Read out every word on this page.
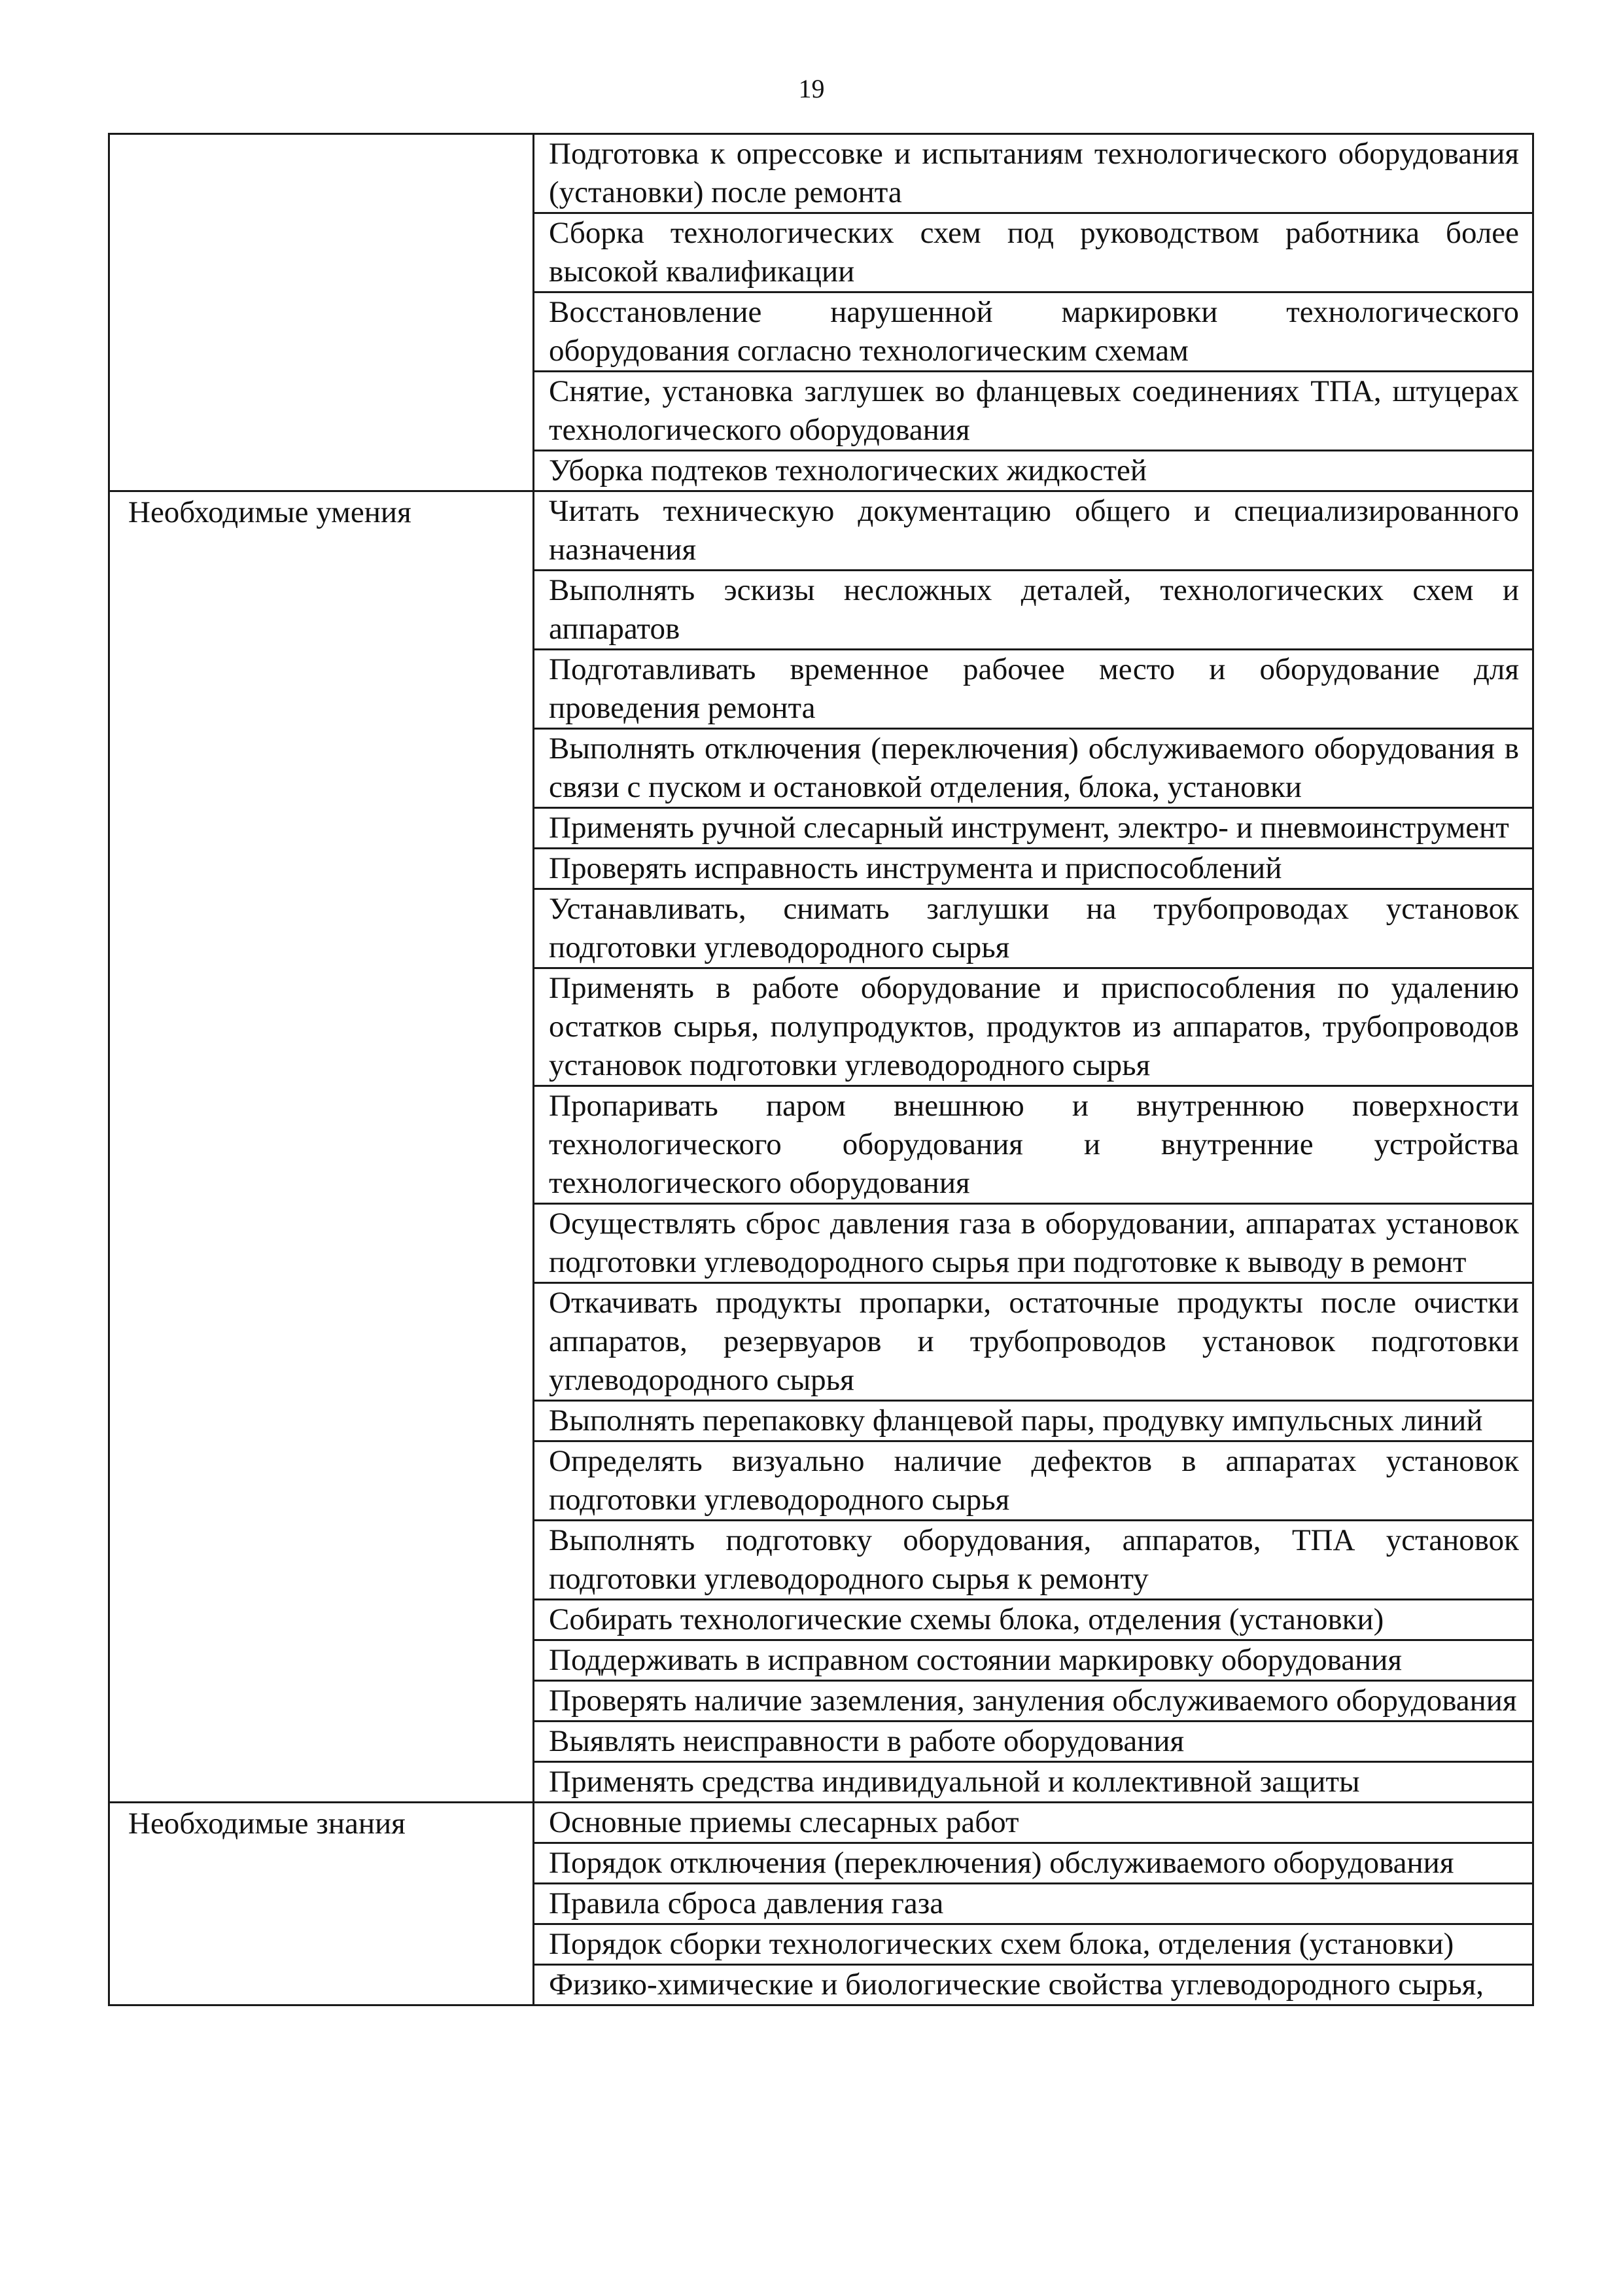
19
	Подготовка к опрессовке и испытаниям технологического оборудования (установки) после ремонта
	Сборка технологических схем под руководством работника более высокой квалификации
	Восстановление нарушенной маркировки технологического оборудования согласно технологическим схемам
	Снятие, установка заглушек во фланцевых соединениях ТПА, штуцерах технологического оборудования
	Уборка подтеков технологических жидкостей
Необходимые умения	Читать техническую документацию общего и специализированного назначения
	Выполнять эскизы несложных деталей, технологических схем и аппаратов
	Подготавливать временное рабочее место и оборудование для проведения ремонта
	Выполнять отключения (переключения) обслуживаемого оборудования в связи с пуском и остановкой отделения, блока, установки
	Применять ручной слесарный инструмент, электро- и пневмоинструмент
	Проверять исправность инструмента и приспособлений
	Устанавливать, снимать заглушки на трубопроводах установок подготовки углеводородного сырья
	Применять в работе оборудование и приспособления по удалению остатков сырья, полупродуктов, продуктов из аппаратов, трубопроводов установок подготовки углеводородного сырья
	Пропаривать паром внешнюю и внутреннюю поверхности технологического оборудования и внутренние устройства технологического оборудования
	Осуществлять сброс давления газа в оборудовании, аппаратах установок подготовки углеводородного сырья при подготовке к выводу в ремонт
	Откачивать продукты пропарки, остаточные продукты после очистки аппаратов, резервуаров и трубопроводов установок подготовки углеводородного сырья
	Выполнять перепаковку фланцевой пары, продувку импульсных линий
	Определять визуально наличие дефектов в аппаратах установок подготовки углеводородного сырья
	Выполнять подготовку оборудования, аппаратов, ТПА установок подготовки углеводородного сырья к ремонту
	Собирать технологические схемы блока, отделения (установки)
	Поддерживать в исправном состоянии маркировку оборудования
	Проверять наличие заземления, зануления обслуживаемого оборудования
	Выявлять неисправности в работе оборудования
	Применять средства индивидуальной и коллективной защиты
Необходимые знания	Основные приемы слесарных работ
	Порядок отключения (переключения) обслуживаемого оборудования
	Правила сброса давления газа
	Порядок сборки технологических схем блока, отделения (установки)
	Физико-химические и биологические свойства углеводородного сырья,
